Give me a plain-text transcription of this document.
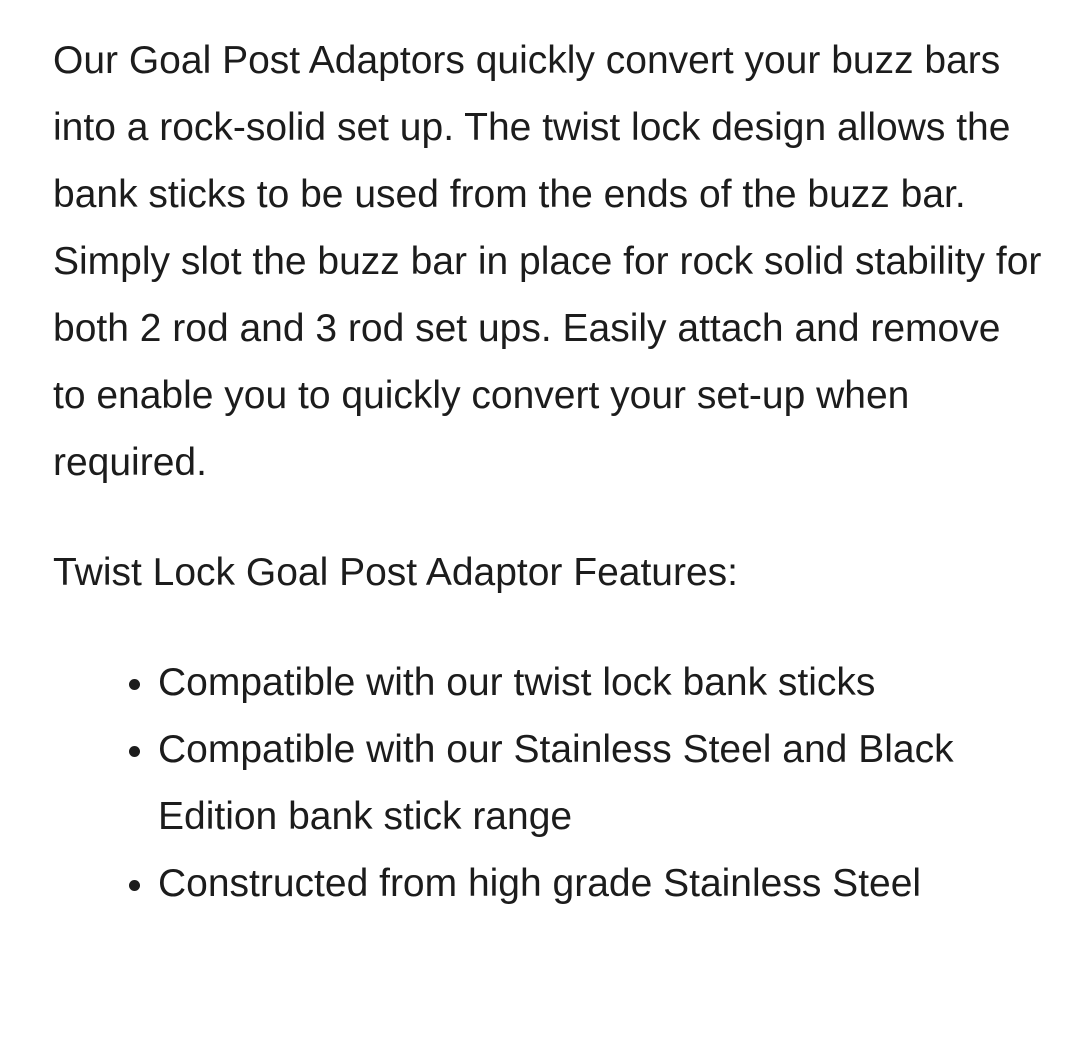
Our Goal Post Adaptors quickly convert your buzz bars into a rock-solid set up. The twist lock design allows the bank sticks to be used from the ends of the buzz bar. Simply slot the buzz bar in place for rock solid stability for both 2 rod and 3 rod set ups. Easily attach and remove to enable you to quickly convert your set-up when required.

Twist Lock Goal Post Adaptor Features:

• Compatible with our twist lock bank sticks
• Compatible with our Stainless Steel and Black Edition bank stick range
• Constructed from high grade Stainless Steel
